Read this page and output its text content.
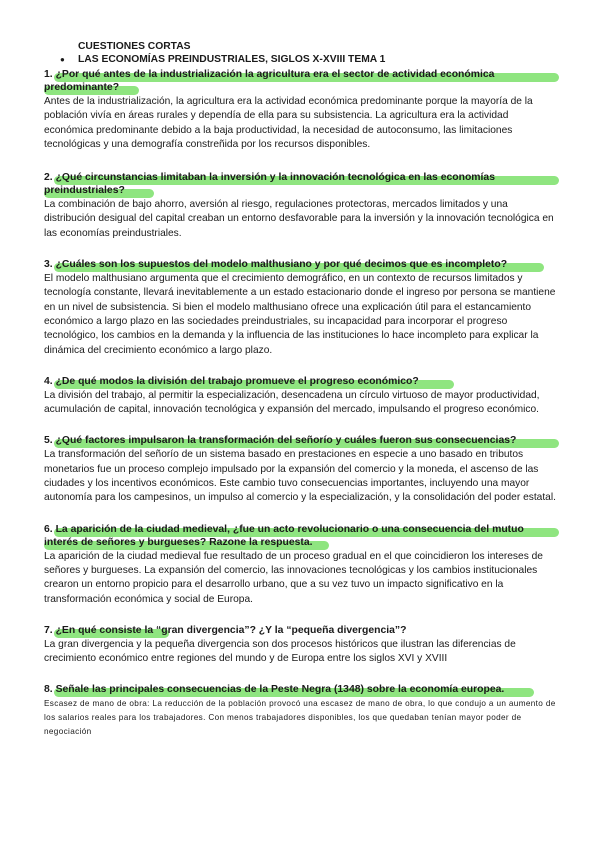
CUESTIONES CORTAS
● LAS ECONOMÍAS PREINDUSTRIALES, SIGLOS X-XVIII TEMA 1

1. ¿Por qué antes de la industrialización la agricultura era el sector de actividad económica predominante?

Antes de la industrialización, la agricultura era la actividad económica predominante porque la mayoría de la población vivía en áreas rurales y dependía de ella para su subsistencia. La agricultura era la actividad económica predominante debido a la baja productividad, la necesidad de autoconsumo, las limitaciones tecnológicas y una demografía constreñida por los recursos disponibles.

2. ¿Qué circunstancias limitaban la inversión y la innovación tecnológica en las economías preindustriales?

La combinación de bajo ahorro, aversión al riesgo, regulaciones protectoras, mercados limitados y una distribución desigual del capital creaban un entorno desfavorable para la inversión y la innovación tecnológica en las economías preindustriales.

3. ¿Cuáles son los supuestos del modelo malthusiano y por qué decimos que es incompleto?

El modelo malthusiano argumenta que el crecimiento demográfico, en un contexto de recursos limitados y tecnología constante, llevará inevitablemente a un estado estacionario donde el ingreso por persona se mantiene en un nivel de subsistencia. Si bien el modelo malthusiano ofrece una explicación útil para el estancamiento económico a largo plazo en las sociedades preindustriales, su incapacidad para incorporar el progreso tecnológico, los cambios en la demanda y la influencia de las instituciones lo hace incompleto para explicar la dinámica del crecimiento económico a largo plazo.

4. ¿De qué modos la división del trabajo promueve el progreso económico?

La división del trabajo, al permitir la especialización, desencadena un círculo virtuoso de mayor productividad, acumulación de capital, innovación tecnológica y expansión del mercado, impulsando el progreso económico.

5. ¿Qué factores impulsaron la transformación del señorío y cuáles fueron sus consecuencias?

La transformación del señorío de un sistema basado en prestaciones en especie a uno basado en tributos monetarios fue un proceso complejo impulsado por la expansión del comercio y la moneda, el ascenso de las ciudades y los incentivos económicos. Este cambio tuvo consecuencias importantes, incluyendo una mayor autonomía para los campesinos, un impulso al comercio y la especialización, y la consolidación del poder estatal.

6. La aparición de la ciudad medieval, ¿fue un acto revolucionario o una consecuencia del mutuo interés de señores y burgueses? Razone la respuesta.

La aparición de la ciudad medieval fue resultado de un proceso gradual en el que coincidieron los intereses de señores y burgueses. La expansión del comercio, las innovaciones tecnológicas y los cambios institucionales crearon un entorno propicio para el desarrollo urbano, que a su vez tuvo un impacto significativo en la transformación económica y social de Europa.

7. ¿En qué consiste la “gran divergencia”? ¿Y la “pequeña divergencia”?

La gran divergencia y la pequeña divergencia son dos procesos históricos que ilustran las diferencias de crecimiento económico entre regiones del mundo y de Europa entre los siglos XVI y XVIII

8. Señale las principales consecuencias de la Peste Negra (1348) sobre la economía europea.

Escasez de mano de obra: La reducción de la población provocó una escasez de mano de obra, lo que condujo a un aumento de los salarios reales para los trabajadores. Con menos trabajadores disponibles, los que quedaban tenían mayor poder de negociación
